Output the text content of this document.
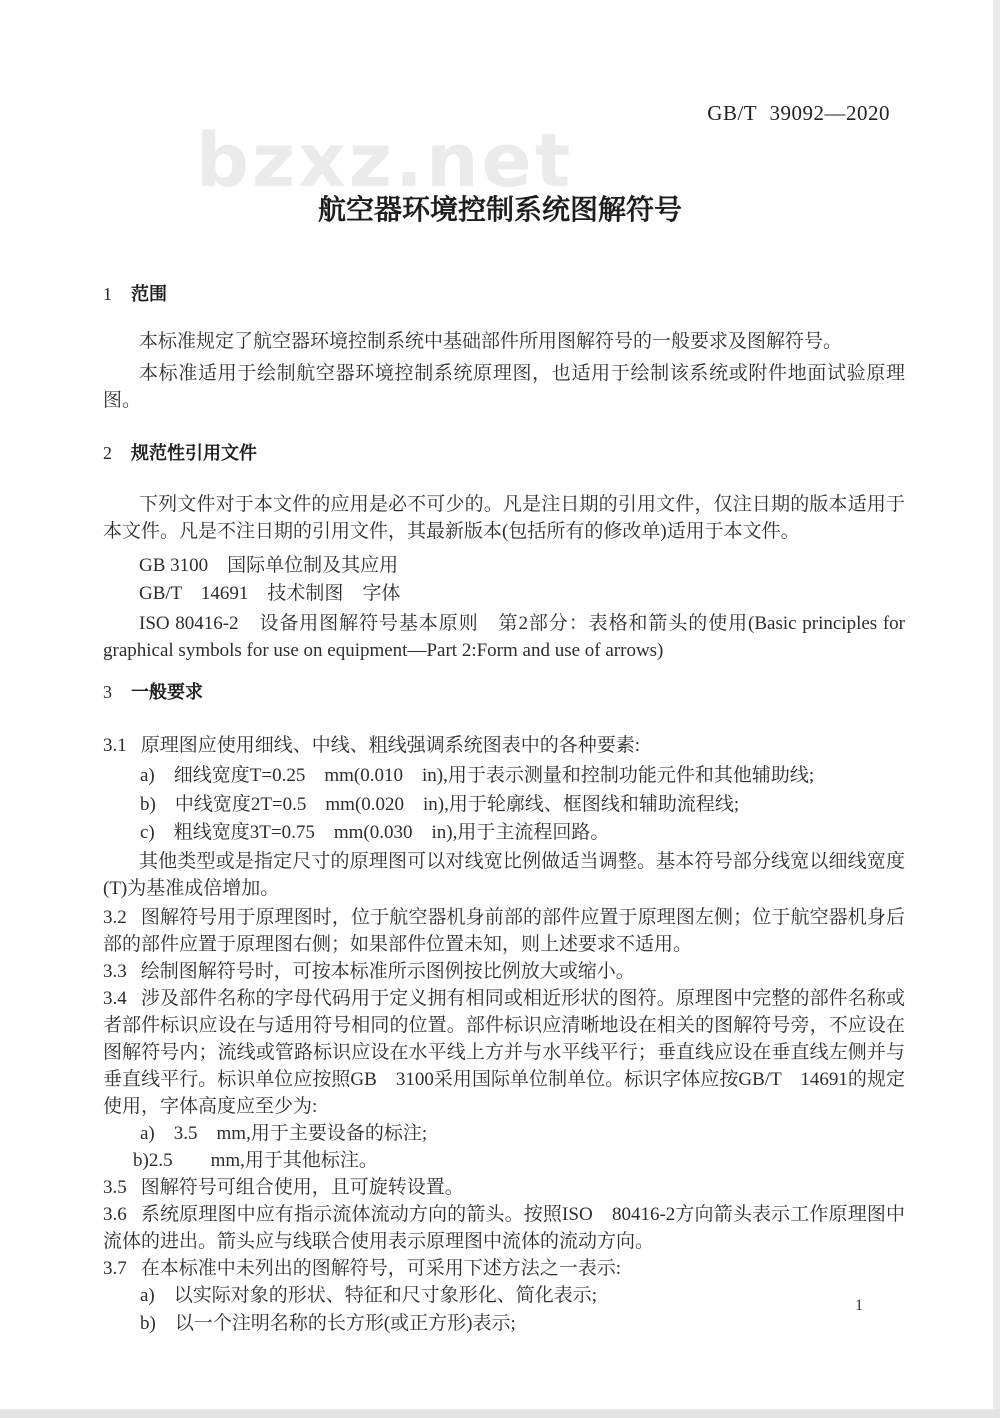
bzxz.net
GB/T 39092—2020
航空器环境控制系统图解符号
1 范围

本标准规定了航空器环境控制系统中基础部件所用图解符号的一般要求及图解符号。

本标准适用于绘制航空器环境控制系统原理图，也适用于绘制该系统或附件地面试验原理图。

2 规范性引用文件

下列文件对于本文件的应用是必不可少的。凡是注日期的引用文件，仅注日期的版本适用于本文件。凡是不注日期的引用文件，其最新版本(包括所有的修改单)适用于本文件。

GB 3100　国际单位制及其应用

GB/T　14691　技术制图　字体

ISO 80416-2　设备用图解符号基本原则　第2部分：表格和箭头的使用(Basic principles for graphical symbols for use on equipment—Part 2:Form and use of arrows)

3 一般要求

3.1 原理图应使用细线、中线、粗线强调系统图表中的各种要素:

a)　细线宽度T=0.25　mm(0.010　in),用于表示测量和控制功能元件和其他辅助线;

b)　中线宽度2T=0.5　mm(0.020　in),用于轮廓线、框图线和辅助流程线;

c)　粗线宽度3T=0.75　mm(0.030　in),用于主流程回路。

其他类型或是指定尺寸的原理图可以对线宽比例做适当调整。基本符号部分线宽以细线宽度(T)为基准成倍增加。

3.2 图解符号用于原理图时，位于航空器机身前部的部件应置于原理图左侧；位于航空器机身后部的部件应置于原理图右侧；如果部件位置未知，则上述要求不适用。

3.3 绘制图解符号时，可按本标准所示图例按比例放大或缩小。

3.4 涉及部件名称的字母代码用于定义拥有相同或相近形状的图符。原理图中完整的部件名称或者部件标识应设在与适用符号相同的位置。部件标识应清晰地设在相关的图解符号旁，不应设在图解符号内；流线或管路标识应设在水平线上方并与水平线平行；垂直线应设在垂直线左侧并与垂直线平行。标识单位应按照GB　3100采用国际单位制单位。标识字体应按GB/T　14691的规定使用，字体高度应至少为:

a)　3.5　mm,用于主要设备的标注;

b)2.5　　mm,用于其他标注。

3.5 图解符号可组合使用，且可旋转设置。

3.6 系统原理图中应有指示流体流动方向的箭头。按照ISO　80416-2方向箭头表示工作原理图中流体的进出。箭头应与线联合使用表示原理图中流体的流动方向。

3.7 在本标准中未列出的图解符号，可采用下述方法之一表示:

a)　以实际对象的形状、特征和尺寸象形化、简化表示;

b)　以一个注明名称的长方形(或正方形)表示;

1
